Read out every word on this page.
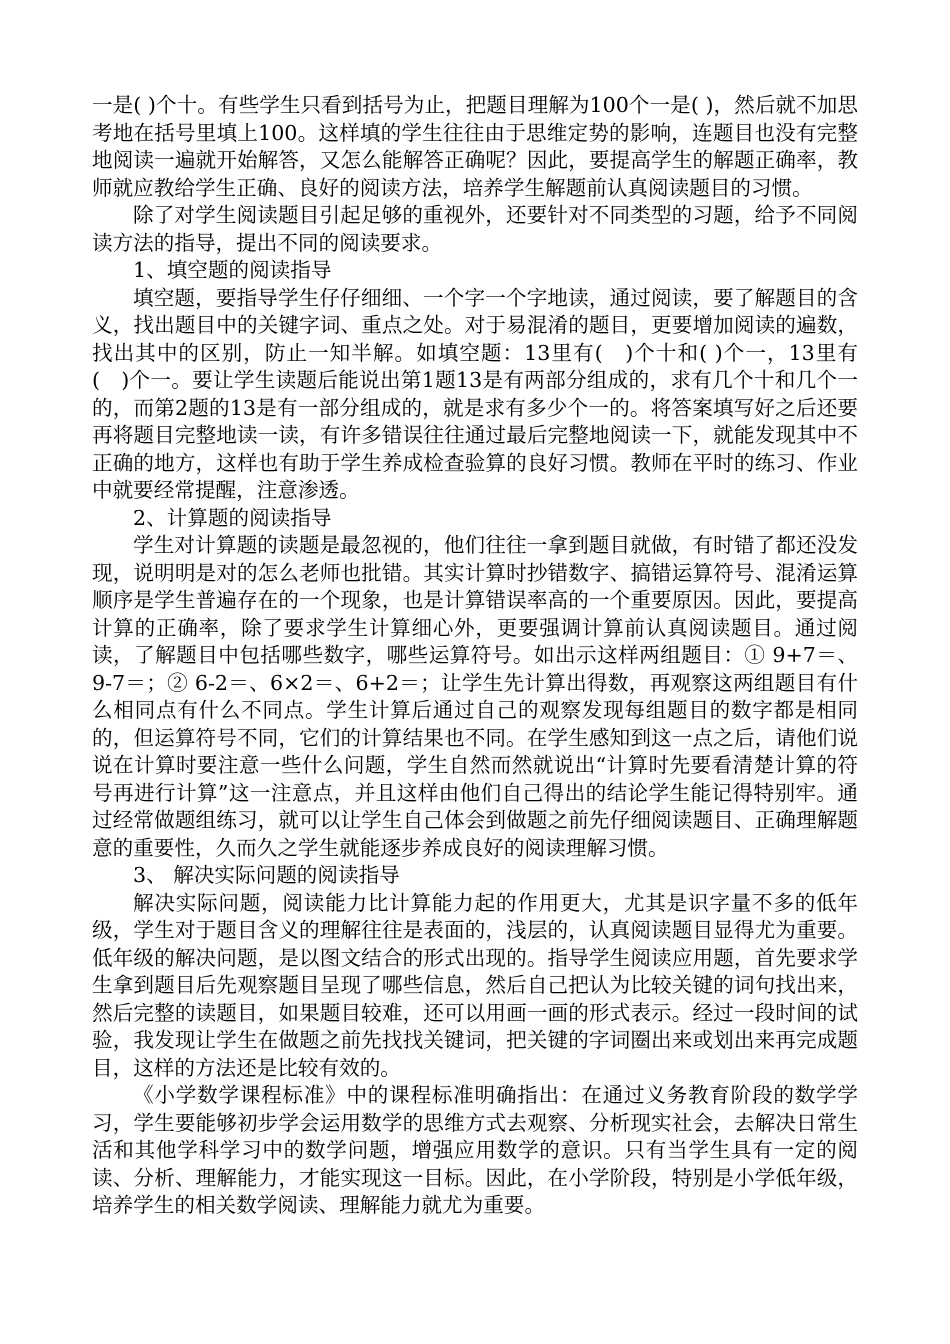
一是( )个十。有些学生只看到括号为止，把题目理解为100个一是( )，然后就不加思考地在括号里填上100。这样填的学生往往由于思维定势的影响，连题目也没有完整地阅读一遍就开始解答，又怎么能解答正确呢？因此，要提高学生的解题正确率，教师就应教给学生正确、良好的阅读方法，培养学生解题前认真阅读题目的习惯。

除了对学生阅读题目引起足够的重视外，还要针对不同类型的习题，给予不同阅读方法的指导，提出不同的阅读要求。

1、填空题的阅读指导

填空题，要指导学生仔仔细细、一个字一个字地读，通过阅读，要了解题目的含义，找出题目中的关键字词、重点之处。对于易混淆的题目，更要增加阅读的遍数，找出其中的区别，防止一知半解。如填空题：13里有(　)个十和( )个一，13里有(　)个一。要让学生读题后能说出第1题13是有两部分组成的，求有几个十和几个一的，而第2题的13是有一部分组成的，就是求有多少个一的。将答案填写好之后还要再将题目完整地读一读，有许多错误往往通过最后完整地阅读一下，就能发现其中不正确的地方，这样也有助于学生养成检查验算的良好习惯。教师在平时的练习、作业中就要经常提醒，注意渗透。

2、计算题的阅读指导

学生对计算题的读题是最忽视的，他们往往一拿到题目就做，有时错了都还没发现，说明明是对的怎么老师也批错。其实计算时抄错数字、搞错运算符号、混淆运算顺序是学生普遍存在的一个现象，也是计算错误率高的一个重要原因。因此，要提高计算的正确率，除了要求学生计算细心外，更要强调计算前认真阅读题目。通过阅读，了解题目中包括哪些数字，哪些运算符号。如出示这样两组题目：① 9+7＝、9-7＝；② 6-2＝、6×2＝、6+2＝；让学生先计算出得数，再观察这两组题目有什么相同点有什么不同点。学生计算后通过自己的观察发现每组题目的数字都是相同的，但运算符号不同，它们的计算结果也不同。在学生感知到这一点之后，请他们说说在计算时要注意一些什么问题，学生自然而然就说出“计算时先要看清楚计算的符号再进行计算”这一注意点，并且这样由他们自己得出的结论学生能记得特别牢。通过经常做题组练习，就可以让学生自己体会到做题之前先仔细阅读题目、正确理解题意的重要性，久而久之学生就能逐步养成良好的阅读理解习惯。

3、 解决实际问题的阅读指导

解决实际问题，阅读能力比计算能力起的作用更大，尤其是识字量不多的低年级，学生对于题目含义的理解往往是表面的，浅层的，认真阅读题目显得尤为重要。低年级的解决问题，是以图文结合的形式出现的。指导学生阅读应用题，首先要求学生拿到题目后先观察题目呈现了哪些信息，然后自己把认为比较关键的词句找出来，然后完整的读题目，如果题目较难，还可以用画一画的形式表示。经过一段时间的试验，我发现让学生在做题之前先找找关键词，把关键的字词圈出来或划出来再完成题目，这样的方法还是比较有效的。

《小学数学课程标准》中的课程标准明确指出：在通过义务教育阶段的数学学习，学生要能够初步学会运用数学的思维方式去观察、分析现实社会，去解决日常生活和其他学科学习中的数学问题，增强应用数学的意识。只有当学生具有一定的阅读、分析、理解能力，才能实现这一目标。因此，在小学阶段，特别是小学低年级，培养学生的相关数学阅读、理解能力就尤为重要。
